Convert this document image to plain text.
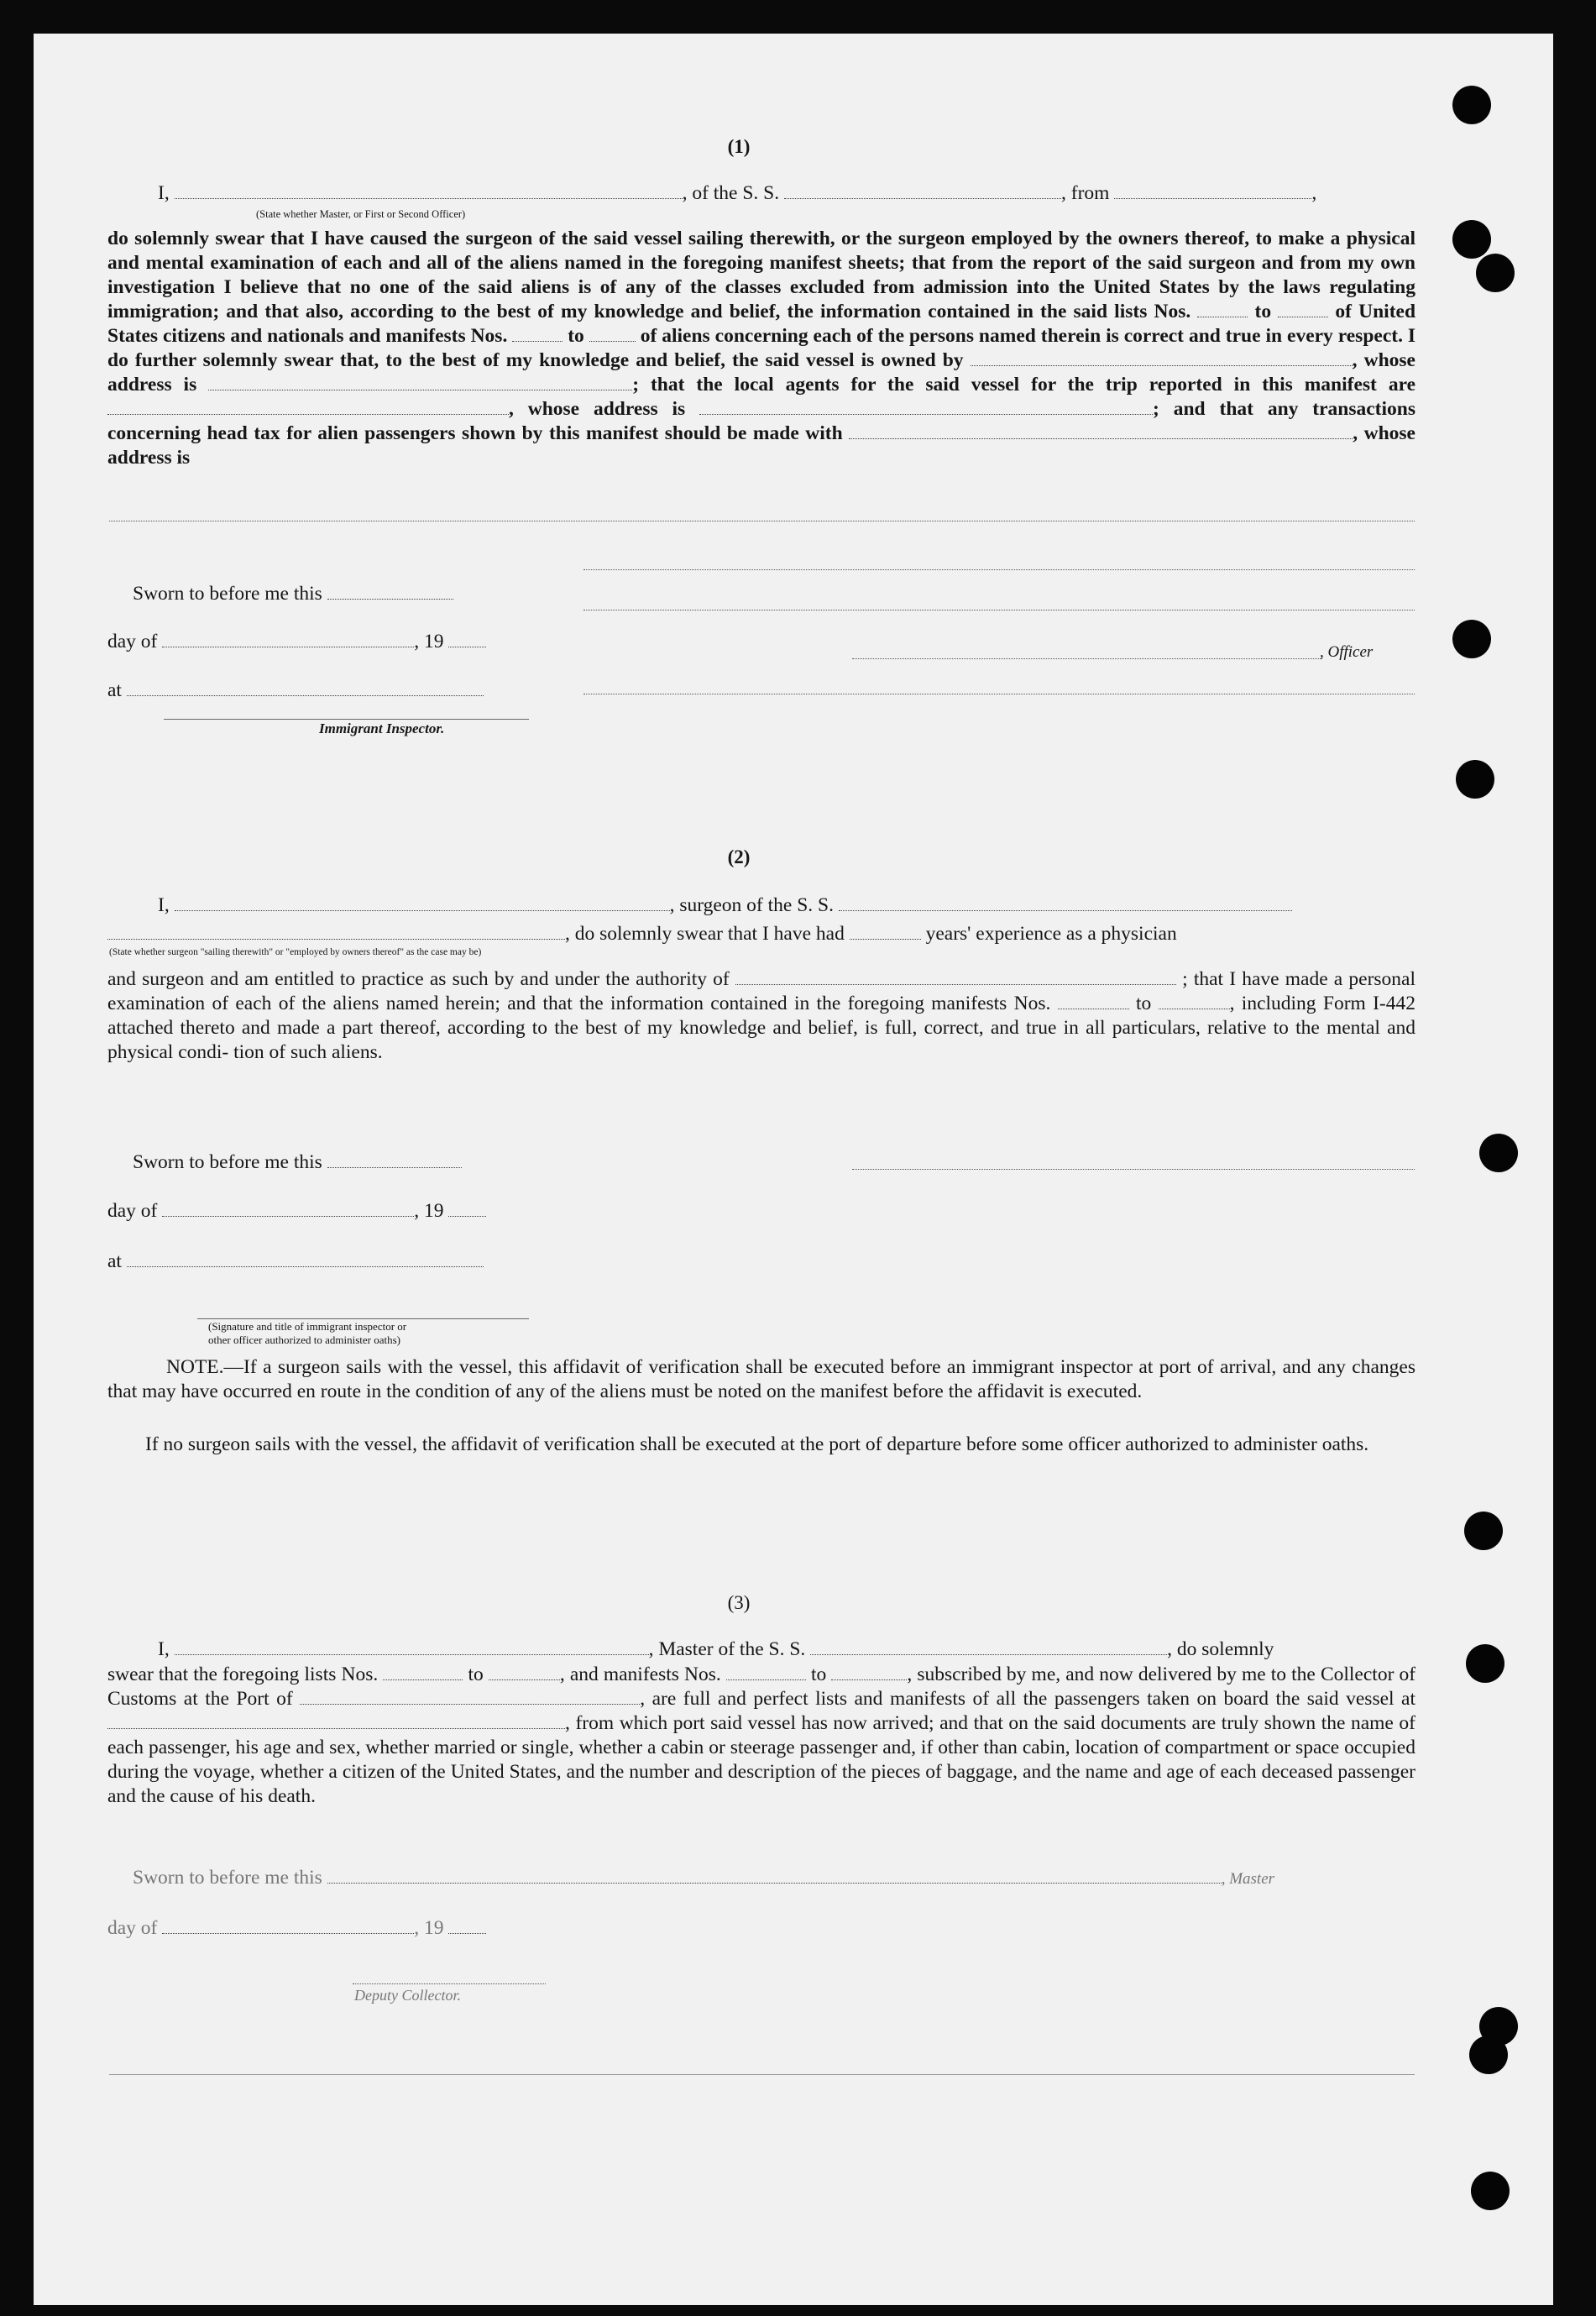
(1)
I,	, of the S. S.	, from	,
(State whether Master, or First or Second Officer)
do solemnly swear that I have caused the surgeon of the said vessel sailing therewith, or the surgeon employed by the owners thereof, to make a physical and mental examination of each and all of the aliens named in the foregoing manifest sheets; that from the report of the said surgeon and from my own investigation I believe that no one of the said aliens is of any of the classes excluded from admission into the United States by the laws regulating immigration; and that also, according to the best of my knowledge and belief, the information contained in the said lists Nos.	to	of United States citizens and nationals and manifests Nos.	to	of aliens concerning each of the persons named therein is correct and true in every respect. I do further solemnly swear that, to the best of my knowledge and belief, the said vessel is owned by	, whose address is	; that the local agents for the said vessel for the trip reported in this manifest are , whose address is	; and that any transactions concerning head tax for alien passengers shown by this manifest should be made with	, whose address is
Sworn to before me this
day of	, 19
at
, Officer
Immigrant Inspector.
(2)
I,	, surgeon of the S. S.
, do solemnly swear that I have had	years' experience as a physician
(State whether surgeon "sailing therewith" or "employed by owners thereof" as the case may be)
and surgeon and am entitled to practice as such by and under the authority of	; that I have made a personal examination of each of the aliens named herein; and that the information contained in the foregoing manifests Nos.	to	, including Form I-442 attached thereto and made a part thereof, according to the best of my knowledge and belief, is full, correct, and true in all particulars, relative to the mental and physical condi- tion of such aliens.
Sworn to before me this
day of	, 19
at
(Signature and title of immigrant inspector or
other officer authorized to administer oaths)
NOTE.—If a surgeon sails with the vessel, this affidavit of verification shall be executed before an immigrant inspector at port of arrival, and any changes that may have occurred en route in the condition of any of the aliens must be noted on the manifest before the affidavit is executed.
If no surgeon sails with the vessel, the affidavit of verification shall be executed at the port of departure before some officer authorized to administer oaths.
(3)
I,	, Master of the S. S.	, do solemnly
swear that the foregoing lists Nos.	to	, and manifests Nos.	to	, subscribed by me, and now delivered by me to the Collector of Customs at the Port of	, are full and perfect lists and manifests of all the passengers taken on board the said vessel at , from which port said vessel has now arrived; and that on the said documents are truly shown the name of each passenger, his age and sex, whether married or single, whether a cabin or steerage passenger and, if other than cabin, location of compartment or space occupied during the voyage, whether a citizen of the United States, and the number and description of the pieces of baggage, and the name and age of each deceased passenger and the cause of his death.
Sworn to before me this	, Master
day of	, 19
Deputy Collector.
